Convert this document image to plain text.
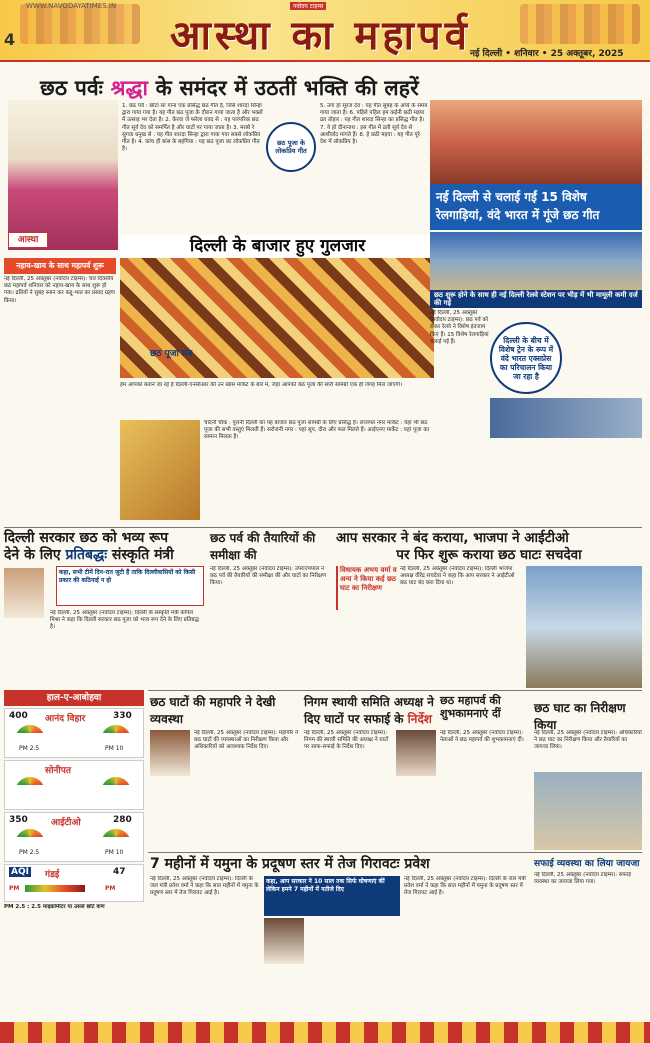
WWW.NAVODAYATIMES.IN	नवोदय टाइम्स
4	आस्था का महापर्व नई दिल्ली • शनिवार • 25 अक्तूबर, 2025
छठ पर्वः श्रद्धा के समंदर में उठतीं भक्ति की लहरें
1. छठ पर्व : छोटा सा गाना एक प्रसिद्ध छठ गीत है, जिसे शारदा सिन्हा द्वारा गाया गया है। यह गीत छठ पूजा के दौरान गाया जाता है और भक्तों में उत्साह भर देता है। 2. केरवा जे फरेला घवद से : यह पारंपरिक छठ गीत सूर्य देव को समर्पित है और घाटों पर गाया जाता है। 3. मरबो रे सुगवा धनुख से : यह गीत शारदा सिन्हा द्वारा गाया गया सबसे लोकप्रिय गीत है। 4. कांच ही बांस के बहंगिया : यह छठ पूजा का लोकप्रिय गीत है।
छठ पूजा के लोकप्रिय गीत
5. उगा हो सूरज देव : यह गीत सुबह के अर्घ्य के समय गाया जाता है। 6. पहिले पहिल हम कईनी छठी मइया व्रत तोहार : यह गीत शारदा सिन्हा का प्रसिद्ध गीत है। 7. ये हो दीनानाथ : इस गीत में व्रती सूर्य देव से आशीर्वाद मांगते हैं। 8. हे छठी मइया : यह गीत पूरे देश में लोकप्रिय है।
नई दिल्ली से चलाई गईं 15 विशेष रेलगाड़ियां, वंदे भारत में गूंजे छठ गीत
आस्था	दिल्ली के बाजार हुए गुलजार
नहाय-खाय के साथ महापर्व शुरू
नई दिल्ली, 25 अक्तूबर (नवोदय टाइम्स): चार दिवसीय छठ महापर्व शनिवार को नहाय-खाय के साथ शुरू हो गया। व्रतियों ने सुबह स्नान कर कद्दू-भात का प्रसाद ग्रहण किया।
छठ पूजा मंत्र
हम आपको बताने जा रहे हैं दिल्ली-एनसीआर की उन खास मार्केट के बारे में, जहां आपको छठ पूजा की सारी सामग्री एक ही जगह मिल जाएगी।
चांदनी चौक : पुरानी दिल्ली का यह बाजार छठ पूजा सामग्री के लिए प्रसिद्ध है। लाजपत नगर मार्केट : यहां भी छठ पूजा की सभी वस्तुएं मिलती हैं। सरोजनी नगर : यहां सूप, दौरा और फल मिलते हैं। आईएनए मार्केट : यहां पूजा का सामान मिलता है।
छठ शुरू होने के साथ ही नई दिल्ली रेलवे स्टेशन पर भीड़ में भी मामूली कमी दर्ज की गई
नई दिल्ली, 25 अक्तूबर (नवोदय टाइम्स): छठ पर्व को लेकर रेलवे ने विशेष इंतजाम किए हैं। 15 विशेष रेलगाड़ियां चलाई गई हैं।	दिल्ली के बीच में विशेष ट्रेन के रूप में वंदे भारत एक्सप्रेस का परिचालन किया जा रहा है
दिल्ली सरकार छठ को भव्य रूप
देने के लिए प्रतिबद्धः संस्कृति मंत्री
कहा, सभी टीमें दिन-रात जुटी हैं ताकि दिल्लीवासियों को किसी प्रकार की कठिनाई न हो
नई दिल्ली, 25 अक्तूबर (नवोदय टाइम्स): दिल्ली के संस्कृति मंत्री कपिल मिश्रा ने कहा कि दिल्ली सरकार छठ पूजा को भव्य रूप देने के लिए प्रतिबद्ध है।
छठ पर्व की तैयारियों की समीक्षा की
नई दिल्ली, 25 अक्तूबर (नवोदय टाइम्स): उपराज्यपाल ने छठ पर्व की तैयारियों की समीक्षा की और घाटों का निरीक्षण किया।
आप सरकार ने बंद कराया, भाजपा ने आईटीओ
पर फिर शुरू कराया छठ घाटः सचदेवा
विधायक अभय वर्मा व अन्य ने किया कई छठ घाट का निरीक्षण
नई दिल्ली, 25 अक्तूबर (नवोदय टाइम्स): दिल्ली भाजपा अध्यक्ष वीरेंद्र सचदेवा ने कहा कि आप सरकार ने आईटीओ छठ घाट बंद करा दिया था।
हाल-ए-आबोहवा
400 आनंद विहार	330
PM 2.5	PM 10
सोनीपत
350	आईटीओ	280
PM 2.5	PM 10
AQI गंडई	47
PM	PM
PM 2.5 : 2.5 माइक्रोमीटर या उससे छोटे कण
छठ घाटों की महापरि ने देखी व्यवस्था
नई दिल्ली, 25 अक्तूबर (नवोदय टाइम्स): महापौर ने छठ घाटों की व्यवस्थाओं का निरीक्षण किया और अधिकारियों को आवश्यक निर्देश दिए।
निगम स्थायी समिति अध्यक्ष ने
दिए घाटों पर सफाई के निर्देश
नई दिल्ली, 25 अक्तूबर (नवोदय टाइम्स): निगम की स्थायी समिति की अध्यक्ष ने घाटों पर साफ-सफाई के निर्देश दिए।
छठ महापर्व की शुभकामनाएं दीं
नई दिल्ली, 25 अक्तूबर (नवोदय टाइम्स): नेताओं ने छठ महापर्व की शुभकामनाएं दीं।
छठ घाट का निरीक्षण किया
नई दिल्ली, 25 अक्तूबर (नवोदय टाइम्स): अधिकारियों ने छठ घाट का निरीक्षण किया और तैयारियों का जायजा लिया।
7 महीनों में यमुना के प्रदूषण स्तर में तेज गिरावटः प्रवेश
नई दिल्ली, 25 अक्तूबर (नवोदय टाइम्स): दिल्ली के जल मंत्री प्रवेश वर्मा ने कहा कि सात महीनों में यमुना के प्रदूषण स्तर में तेज गिरावट आई है।
कहा, आप सरकार ने 10 साल तक सिर्फ घोषणाएं कीं लेकिन हमने 7 महीनों में नतीजे दिए
नई दिल्ली, 25 अक्तूबर (नवोदय टाइम्स): दिल्ली के जल मंत्री प्रवेश वर्मा ने कहा कि सात महीनों में यमुना के प्रदूषण स्तर में तेज गिरावट आई है।
सफाई व्यवस्था का लिया जायजा
नई दिल्ली, 25 अक्तूबर (नवोदय टाइम्स): सफाई व्यवस्था का जायजा लिया गया।
